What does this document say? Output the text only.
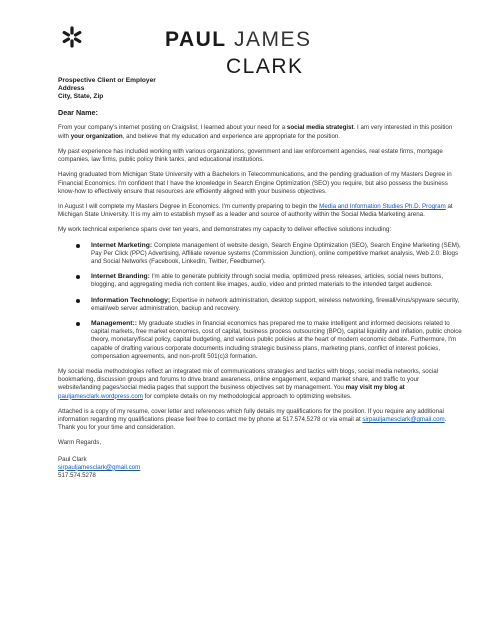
PAUL JAMES
CLARK
Prospective Client or Employer
Address
City, State, Zip
Dear Name:

From your company's internet posting on Craigslist, I learned about your need for a social media strategist. I am very interested in this position with your organization, and believe that my education and experience are appropriate for the position.

My past experience has included working with various organizations, government and law enforcement agencies, real estate firms, mortgage companies, law firms, public policy think tanks, and educational institutions.

Having graduated from Michigan State University with a Bachelors in Telecommunications, and the pending graduation of my Masters Degree in Financial Economics. I'm confident that I have the knowledge in Search Engine Optimization (SEO) you require, but also possess the business know-how to effectively ensure that resources are efficiently aligned with your business objectives.

In August I will complete my Masters Degree in Economics. I'm currently preparing to begin the Media and Information Studies Ph.D. Program at Michigan State University. It is my aim to establish myself as a leader and source of authority within the Social Media Marketing arena.

My work technical experience spans over ten years, and demonstrates my capacity to deliver effective solutions including:

Internet Marketing: Complete management of website design, Search Engine Optimization (SEO), Search Engine Marketing (SEM), Pay Per Click (PPC) Advertising, Affiliate revenue systems (Commission Junction), online competitive market analysis, Web 2.0: Blogs and Social Networks (Facebook, LinkedIn, Twitter, Feedburner).
Internet Branding: I'm able to generate publicity through social media, optimized press releases, articles, social news buttons, blogging, and aggregating media rich content like images, audio, video and printed materials to the intended target audience.
Information Technology; Expertise in network administration, desktop support, wireless networking, firewall/virus/spyware security, email/web server administration, backup and recovery.
Management:: My graduate studies in financial economics has prepared me to make intelligent and informed decisions related to capital markets, free market economics, cost of capital, business process outsourcing (BPO), capital liquidity and inflation, public choice theory, monetary/fiscal policy, capital budgeting, and various public policies at the heart of modern economic debate. Furthermore, I'm capable of drafting various corporate documents including strategic business plans, marketing plans, conflict of interest policies, compensation agreements, and non-profit 501(c)3 formation.

My social media methodologies reflect an integrated mix of communications strategies and tactics with blogs, social media networks, social bookmarking, discussion groups and forums to drive brand awareness, online engagement, expand market share, and traffic to your website/landing pages/social media pages that support the business objectives set by management. You may visit my blog at pauljamesclark.wordpress.com for complete details on my methodological approach to optimizing websites.

Attached is a copy of my resume, cover letter and references which fully details my qualifications for the position. If you require any additional information regarding my qualifications please feel free to contact me by phone at 517.574.5278 or via email at sirpauljamesclark@gmail.com. Thank you for your time and consideration.

Warm Regards,

Paul Clark
sirpauljamesclark@gmail.com
517.574.5278
